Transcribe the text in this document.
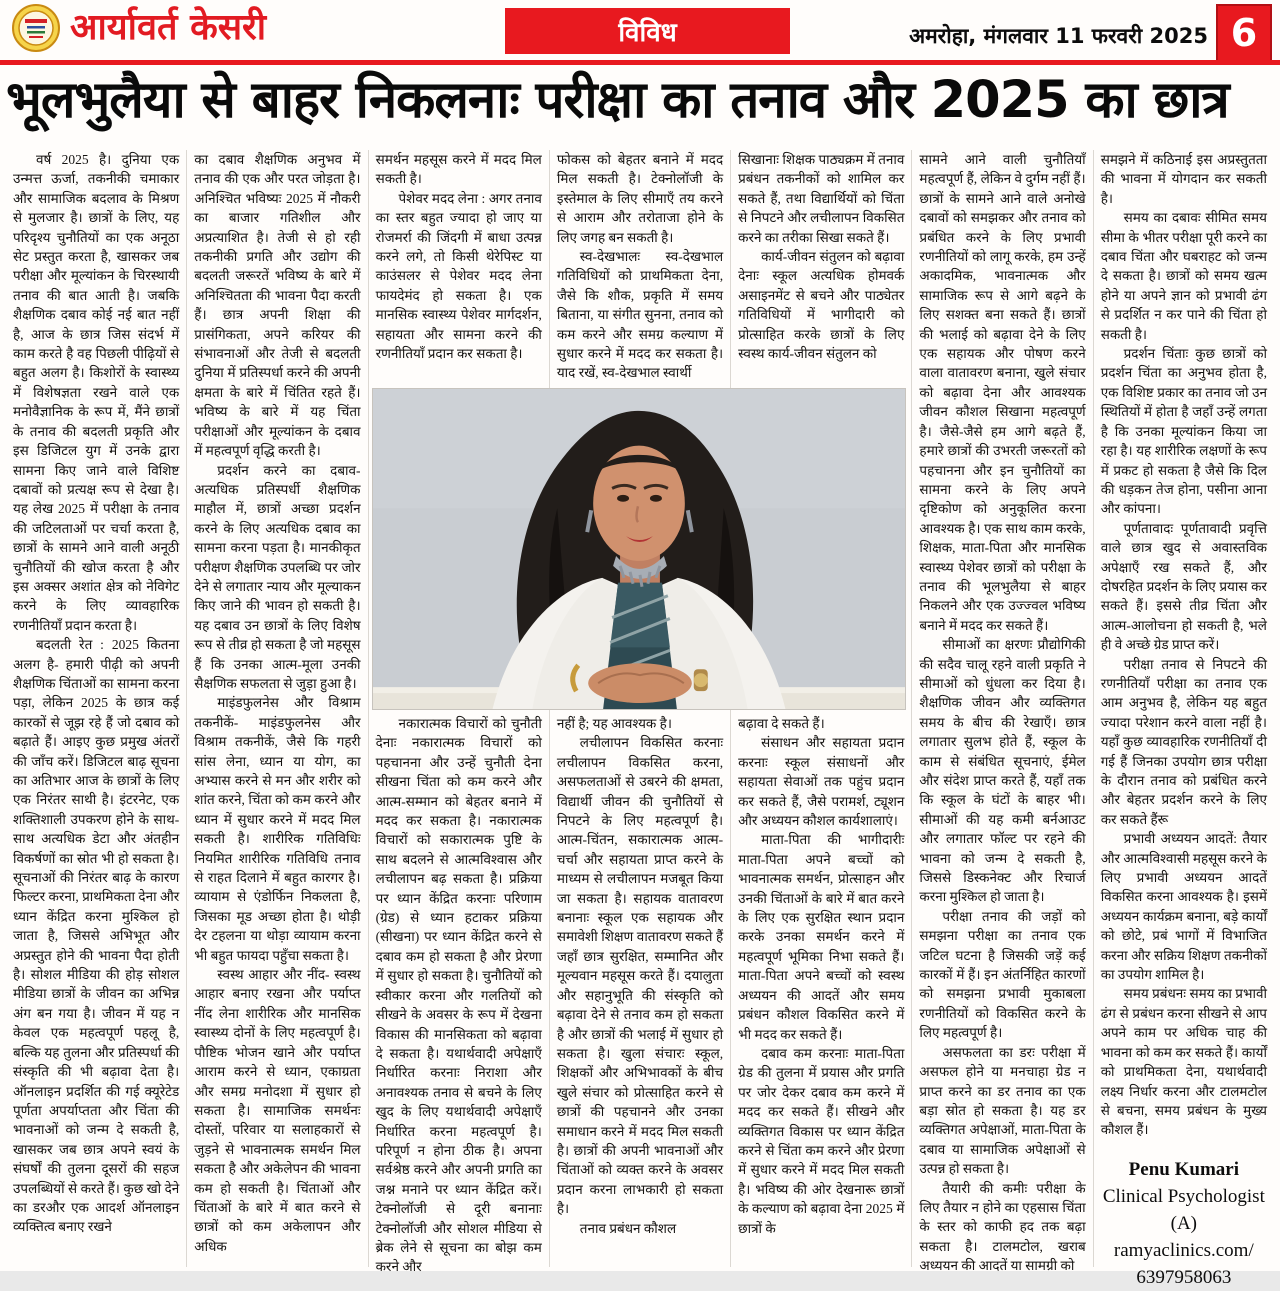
आर्यावर्त केसरी	विविध	अमरोहा, मंगलवार 11 फरवरी 2025 6
भूलभुलैया से बाहर निकलनाः परीक्षा का तनाव और 2025 का छात्र

वर्ष 2025 है। दुनिया एक उन्मत्त ऊर्जा, तकनीकी चमाकार और सामाजिक बदलाव के मिश्रण से मुलजार है। छात्रों के लिए, यह परिदृश्य चुनौतियों का एक अनूठा सेट प्रस्तुत करता है, खासकर जब परीक्षा और मूल्यांकन के चिरस्थायी तनाव की बात आती है। जबकि शैक्षणिक दबाव कोई नई बात नहीं है, आज के छात्र जिस संदर्भ में काम करते है वह पिछली पीढ़ियों से बहुत अलग है। किशोरों के स्वास्थ्य में विशेषज्ञता रखने वाले एक मनोवैज्ञानिक के रूप में, मैंने छात्रों के तनाव की बदलती प्रकृति और इस डिजिटल युग में उनके द्वारा सामना किए जाने वाले विशिष्ट दबावों को प्रत्यक्ष रूप से देखा है। यह लेख 2025 में परीक्षा के तनाव की जटिलताओं पर चर्चा करता है, छात्रों के सामने आने वाली अनूठी चुनौतियों की खोज करता है और इस अक्सर अशांत क्षेत्र को नेविगेट करने के लिए व्यावहारिक रणनीतियाँ प्रदान करता है।

बदलती रेत : 2025 कितना अलग है- हमारी पीढ़ी को अपनी शैक्षणिक चिंताओं का सामना करना पड़ा, लेकिन 2025 के छात्र कई कारकों से जूझ रहे हैं जो दबाव को बढ़ाते हैं। आइए कुछ प्रमुख अंतरों की जाँच करें। डिजिटल बाढ़ सूचना का अतिभार आज के छात्रों के लिए एक निरंतर साथी है। इंटरनेट, एक शक्तिशाली उपकरण होने के साथ-साथ अत्यधिक डेटा और अंतहीन विकर्षणों का स्रोत भी हो सकता है। सूचनाओं की निरंतर बाढ़ के कारण फिल्टर करना, प्राथमिकता देना और ध्यान केंद्रित करना मुश्किल हो जाता है, जिससे अभिभूत और अप्रस्तुत होने की भावना पैदा होती है। सोशल मीडिया की होड़ सोशल मीडिया छात्रों के जीवन का अभिन्न अंग बन गया है। जीवन में यह न केवल एक महत्वपूर्ण पहलू है, बल्कि यह तुलना और प्रतिस्पर्धा की संस्कृति की भी बढ़ावा देता है। ऑनलाइन प्रदर्शित की गई क्यूरेटेड पूर्णता अपर्याप्तता और चिंता की भावनाओं को जन्म दे सकती है, खासकर जब छात्र अपने स्वयं के संघर्षों की तुलना दूसरों की सहज उपलब्धियों से करते हैं। कुछ खो देने का डरऔर एक आदर्श ऑनलाइन व्यक्तित्व बनाए रखने

का दबाव शैक्षणिक अनुभव में तनाव की एक और परत जोड़ता है। अनिश्चित भविष्यः 2025 में नौकरी का बाजार गतिशील और अप्रत्याशित है। तेजी से हो रही तकनीकी प्रगति और उद्योग की बदलती जरूरतें भविष्य के बारे में अनिश्चितता की भावना पैदा करती हैं। छात्र अपनी शिक्षा की प्रासंगिकता, अपने करियर की संभावनाओं और तेजी से बदलती दुनिया में प्रतिस्पर्धा करने की अपनी क्षमता के बारे में चिंतित रहते हैं। भविष्य के बारे में यह चिंता परीक्षाओं और मूल्यांकन के दबाव में महत्वपूर्ण वृद्धि करती है।

प्रदर्शन करने का दबाव- अत्यधिक प्रतिस्पर्धी शैक्षणिक माहौल में, छात्रों अच्छा प्रदर्शन करने के लिए अत्यधिक दबाव का सामना करना पड़ता है। मानकीकृत परीक्षण शैक्षणिक उपलब्धि पर जोर देने से लगातार न्याय और मूल्याकन किए जाने की भावन हो सकती है। यह दबाव उन छात्रों के लिए विशेष रूप से तीव्र हो सकता है जो महसूस हैं कि उनका आत्म-मूला उनकी सैक्षणिक सफलता से जुड़ा हुआ है।

माइंडफुलनेस और विश्राम तकनीकें- माइंडफुलनेस और विश्राम तकनीकें, जैसे कि गहरी सांस लेना, ध्यान या योग, का अभ्यास करने से मन और शरीर को शांत करने, चिंता को कम करने और ध्यान में सुधार करने में मदद मिल सकती है। शारीरिक गतिविधिः नियमित शारीरिक गतिविधि तनाव से राहत दिलाने में बहुत कारगर है। व्यायाम से एंडोर्फिन निकलता है, जिसका मूड अच्छा होता है। थोड़ी देर टहलना या थोड़ा व्यायाम करना भी बहुत फायदा पहुँचा सकता है।

स्वस्थ आहार और नींद- स्वस्थ आहार बनाए रखना और पर्याप्त नींद लेना शारीरिक और मानसिक स्वास्थ्य दोनों के लिए महत्वपूर्ण है। पौष्टिक भोजन खाने और पर्याप्त आराम करने से ध्यान, एकाग्रता और समग्र मनोदशा में सुधार हो सकता है। सामाजिक समर्थनः दोस्तों, परिवार या सलाहकारों से जुड़ने से भावनात्मक समर्थन मिल सकता है और अकेलेपन की भावना कम हो सकती है। चिंताओं और चिंताओं के बारे में बात करने से छात्रों को कम अकेलापन और अधिक

समर्थन महसूस करने में मदद मिल सकती है।

पेशेवर मदद लेना : अगर तनाव का स्तर बहुत ज्यादा हो जाए या रोजमर्रा की जिंदगी में बाधा उत्पन्न करने लगे, तो किसी थेरेपिस्ट या काउंसलर से पेशेवर मदद लेना फायदेमंद हो सकता है। एक मानसिक स्वास्थ्य पेशेवर मार्गदर्शन, सहायता और सामना करने की रणनीतियाँ प्रदान कर सकता है।

नकारात्मक विचारों को चुनौती देनाः नकारात्मक विचारों को पहचानना और उन्हें चुनौती देना सीखना चिंता को कम करने और आत्म-सम्मान को बेहतर बनाने में मदद कर सकता है। नकारात्मक विचारों को सकारात्मक पुष्टि के साथ बदलने से आत्मविश्वास और लचीलापन बढ़ सकता है। प्रक्रिया पर ध्यान केंद्रित करनाः परिणाम (ग्रेड) से ध्यान हटाकर प्रक्रिया (सीखना) पर ध्यान केंद्रित करने से दबाव कम हो सकता है और प्रेरणा में सुधार हो सकता है। चुनौतियों को स्वीकार करना और गलतियों को सीखने के अवसर के रूप में देखना विकास की मानसिकता को बढ़ावा दे सकता है। यथार्थवादी अपेक्षाएँ निर्धारित करनाः निराशा और अनावश्यक तनाव से बचने के लिए खुद के लिए यथार्थवादी अपेक्षाएँ निर्धारित करना महत्वपूर्ण है। परिपूर्ण न होना ठीक है। अपना सर्वश्रेष्ठ करने और अपनी प्रगति का जश्न मनाने पर ध्यान केंद्रित करें। टेक्नोलॉजी से दूरी बनानाः टेक्नोलॉजी और सोशल मीडिया से ब्रेक लेने से सूचना का बोझ कम करने और

फोकस को बेहतर बनाने में मदद मिल सकती है। टेक्नोलॉजी के इस्तेमाल के लिए सीमाएँ तय करने से आराम और तरोताजा होने के लिए जगह बन सकती है।

स्व-देखभालः स्व-देखभाल गतिविधियों को प्राथमिकता देना, जैसे कि शौक, प्रकृति में समय बिताना, या संगीत सुनना, तनाव को कम करने और समग्र कल्याण में सुधार करने में मदद कर सकता है। याद रखें, स्व-देखभाल स्वार्थी

नहीं है; यह आवश्यक है।

लचीलापन विकसित करनाः लचीलापन विकसित करना, असफलताओं से उबरने की क्षमता, विद्यार्थी जीवन की चुनौतियों से निपटने के लिए महत्वपूर्ण है। आत्म-चिंतन, सकारात्मक आत्म-चर्चा और सहायता प्राप्त करने के माध्यम से लचीलापन मजबूत किया जा सकता है। सहायक वातावरण बनानाः स्कूल एक सहायक और समावेशी शिक्षण वातावरण सकते हैं जहाँ छात्र सुरक्षित, सम्मानित और मूल्यवान महसूस करते हैं। दयालुता और सहानुभूति की संस्कृति को बढ़ावा देने से तनाव कम हो सकता है और छात्रों की भलाई में सुधार हो सकता है। खुला संचारः स्कूल, शिक्षकों और अभिभावकों के बीच खुले संचार को प्रोत्साहित करने से छात्रों की पहचानने और उनका समाधान करने में मदद मिल सकती है। छात्रों की अपनी भावनाओं और चिंताओं को व्यक्त करने के अवसर प्रदान करना लाभकारी हो सकता है।

तनाव प्रबंधन कौशल

सिखानाः शिक्षक पाठ्यक्रम में तनाव प्रबंधन तकनीकों को शामिल कर सकते हैं, तथा विद्यार्थियों को चिंता से निपटने और लचीलापन विकसित करने का तरीका सिखा सकते हैं।

कार्य-जीवन संतुलन को बढ़ावा देनाः स्कूल अत्यधिक होमवर्क असाइनमेंट से बचने और पाठ्येतर गतिविधियों में भागीदारी को प्रोत्साहित करके छात्रों के लिए स्वस्थ कार्य-जीवन संतुलन को

बढ़ावा दे सकते हैं।

संसाधन और सहायता प्रदान करनाः स्कूल संसाधनों और सहायता सेवाओं तक पहुंच प्रदान कर सकते हैं, जैसे परामर्श, ट्यूशन और अध्ययन कौशल कार्यशालाएं।

माता-पिता की भागीदारीः माता-पिता अपने बच्चों को भावनात्मक समर्थन, प्रोत्साहन और उनकी चिंताओं के बारे में बात करने के लिए एक सुरक्षित स्थान प्रदान करके उनका समर्थन करने में महत्वपूर्ण भूमिका निभा सकते हैं। माता-पिता अपने बच्चों को स्वस्थ अध्ययन की आदतें और समय प्रबंधन कौशल विकसित करने में भी मदद कर सकते हैं।

दबाव कम करनाः माता-पिता ग्रेड की तुलना में प्रयास और प्रगति पर जोर देकर दबाव कम करने में मदद कर सकते हैं। सीखने और व्यक्तिगत विकास पर ध्यान केंद्रित करने से चिंता कम करने और प्रेरणा में सुधार करने में मदद मिल सकती है। भविष्य की ओर देखनारू छात्रों के कल्याण को बढ़ावा देना 2025 में छात्रों के

सामने आने वाली चुनौतियाँ महत्वपूर्ण हैं, लेकिन वे दुर्गम नहीं हैं। छात्रों के सामने आने वाले अनोखे दबावों को समझकर और तनाव को प्रबंधित करने के लिए प्रभावी रणनीतियों को लागू करके, हम उन्हें अकादमिक, भावनात्मक और सामाजिक रूप से आगे बढ़ने के लिए सशक्त बना सकते हैं। छात्रों की भलाई को बढ़ावा देने के लिए एक सहायक और पोषण करने वाला वातावरण बनाना, खुले संचार को बढ़ावा देना और आवश्यक जीवन कौशल सिखाना महत्वपूर्ण है। जैसे-जैसे हम आगे बढ़ते हैं, हमारे छात्रों की उभरती जरूरतों को पहचानना और इन चुनौतियों का सामना करने के लिए अपने दृष्टिकोण को अनुकूलित करना आवश्यक है। एक साथ काम करके, शिक्षक, माता-पिता और मानसिक स्वास्थ्य पेशेवर छात्रों को परीक्षा के तनाव की भूलभुलैया से बाहर निकलने और एक उज्ज्वल भविष्य बनाने में मदद कर सकते हैं।

सीमाओं का क्षरणः प्रौद्योगिकी की सदैव चालू रहने वाली प्रकृति ने सीमाओं को धुंधला कर दिया है। शैक्षणिक जीवन और व्यक्तिगत समय के बीच की रेखाएँ। छात्र लगातार सुलभ होते हैं, स्कूल के काम से संबंधित सूचनाएं, ईमेल और संदेश प्राप्त करते हैं, यहाँ तक कि स्कूल के घंटों के बाहर भी। सीमाओं की यह कमी बर्नआउट और लगातार फॉल्ट पर रहने की भावना को जन्म दे सकती है, जिससे डिस्कनेक्ट और रिचार्ज करना मुश्किल हो जाता है।

परीक्षा तनाव की जड़ों को समझना परीक्षा का तनाव एक जटिल घटना है जिसकी जड़ें कई कारकों में हैं। इन अंतर्निहित कारणों को समझना प्रभावी मुकाबला रणनीतियों को विकसित करने के लिए महत्वपूर्ण है।

असफलता का डरः परीक्षा में असफल होने या मनचाहा ग्रेड न प्राप्त करने का डर तनाव का एक बड़ा स्रोत हो सकता है। यह डर व्यक्तिगत अपेक्षाओं, माता-पिता के दबाव या सामाजिक अपेक्षाओं से उत्पन्न हो सकता है।

तैयारी की कमीः परीक्षा के लिए तैयार न होने का एहसास चिंता के स्तर को काफी हद तक बढ़ा सकता है। टालमटोल, खराब अध्ययन की आदतें या सामग्री को

समझने में कठिनाई इस अप्रस्तुतता की भावना में योगदान कर सकती है।

समय का दबावः सीमित समय सीमा के भीतर परीक्षा पूरी करने का दबाव चिंता और घबराहट को जन्म दे सकता है। छात्रों को समय खत्म होने या अपने ज्ञान को प्रभावी ढंग से प्रदर्शित न कर पाने की चिंता हो सकती है।

प्रदर्शन चिंताः कुछ छात्रों को प्रदर्शन चिंता का अनुभव होता है, एक विशिष्ट प्रकार का तनाव जो उन स्थितियों में होता है जहाँ उन्हें लगता है कि उनका मूल्यांकन किया जा रहा है। यह शारीरिक लक्षणों के रूप में प्रकट हो सकता है जैसे कि दिल की धड़कन तेज होना, पसीना आना और कांपना।

पूर्णतावादः पूर्णतावादी प्रवृत्ति वाले छात्र खुद से अवास्तविक अपेक्षाएँ रख सकते हैं, और दोषरहित प्रदर्शन के लिए प्रयास कर सकते हैं। इससे तीव्र चिंता और आत्म-आलोचना हो सकती है, भले ही वे अच्छे ग्रेड प्राप्त करें।

परीक्षा तनाव से निपटने की रणनीतियाँ परीक्षा का तनाव एक आम अनुभव है, लेकिन यह बहुत ज्यादा परेशान करने वाला नहीं है। यहाँ कुछ व्यावहारिक रणनीतियाँ दी गई हैं जिनका उपयोग छात्र परीक्षा के दौरान तनाव को प्रबंधित करने और बेहतर प्रदर्शन करने के लिए कर सकते हैंरू

प्रभावी अध्ययन आदतें: तैयार और आत्मविश्वासी महसूस करने के लिए प्रभावी अध्ययन आदतें विकसित करना आवश्यक है। इसमें अध्ययन कार्यक्रम बनाना, बड़े कार्यों को छोटे, प्रबं भागों में विभाजित करना और सक्रिय शिक्षण तकनीकों का उपयोग शामिल है।

समय प्रबंधनः समय का प्रभावी ढंग से प्रबंधन करना सीखने से आप अपने काम पर अधिक चाह की भावना को कम कर सकते हैं। कार्यों को प्राथमिकता देना, यथार्थवादी लक्ष्य निर्धार करना और टालमटोल से बचना, समय प्रबंधन के मुख्य कौशल हैं।

Penu Kumari
Clinical Psychologist (A)
ramyaclinics.com/
6397958063
